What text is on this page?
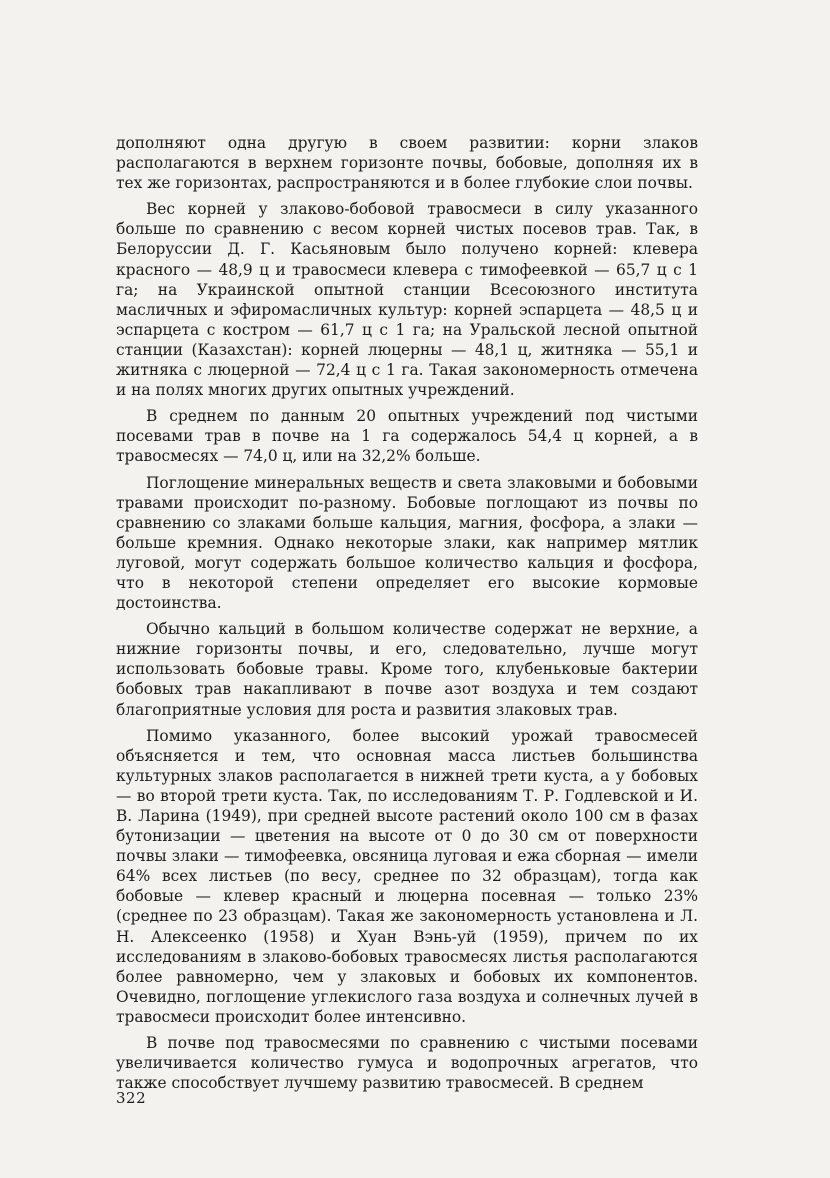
дополняют одна другую в своем развитии: корни злаков располагаются в верхнем горизонте почвы, бобовые, дополняя их в тех же горизонтах, распространяются и в более глубокие слои почвы.

Вес корней у злаково-бобовой травосмеси в силу указанного больше по сравнению с весом корней чистых посевов трав. Так, в Белоруссии Д. Г. Касьяновым было получено корней: клевера красного — 48,9 ц и травосмеси клевера с тимофеевкой — 65,7 ц с 1 га; на Украинской опытной станции Всесоюзного института масличных и эфиромасличных культур: корней эспарцета — 48,5 ц и эспарцета с костром — 61,7 ц с 1 га; на Уральской лесной опытной станции (Казахстан): корней люцерны — 48,1 ц, житняка — 55,1 и житняка с люцерной — 72,4 ц с 1 га. Такая закономерность отмечена и на полях многих других опытных учреждений.

В среднем по данным 20 опытных учреждений под чистыми посевами трав в почве на 1 га содержалось 54,4 ц корней, а в травосмесях — 74,0 ц, или на 32,2% больше.

Поглощение минеральных веществ и света злаковыми и бобовыми травами происходит по-разному. Бобовые поглощают из почвы по сравнению со злаками больше кальция, магния, фосфора, а злаки — больше кремния. Однако некоторые злаки, как например мятлик луговой, могут содержать большое количество кальция и фосфора, что в некоторой степени определяет его высокие кормовые достоинства.

Обычно кальций в большом количестве содержат не верхние, а нижние горизонты почвы, и его, следовательно, лучше могут использовать бобовые травы. Кроме того, клубеньковые бактерии бобовых трав накапливают в почве азот воздуха и тем создают благоприятные условия для роста и развития злаковых трав.

Помимо указанного, более высокий урожай травосмесей объясняется и тем, что основная масса листьев большинства культурных злаков располагается в нижней трети куста, а у бобовых — во второй трети куста. Так, по исследованиям Т. Р. Годлевской и И. В. Ларина (1949), при средней высоте растений около 100 см в фазах бутонизации — цветения на высоте от 0 до 30 см от поверхности почвы злаки — тимофеевка, овсяница луговая и ежа сборная — имели 64% всех листьев (по весу, среднее по 32 образцам), тогда как бобовые — клевер красный и люцерна посевная — только 23% (среднее по 23 образцам). Такая же закономерность установлена и Л. Н. Алексеенко (1958) и Хуан Вэнь-уй (1959), причем по их исследованиям в злаково-бобовых травосмесях листья располагаются более равномерно, чем у злаковых и бобовых их компонентов. Очевидно, поглощение углекислого газа воздуха и солнечных лучей в травосмеси происходит более интенсивно.

В почве под травосмесями по сравнению с чистыми посевами увеличивается количество гумуса и водопрочных агрегатов, что также способствует лучшему развитию травосмесей. В среднем

322
